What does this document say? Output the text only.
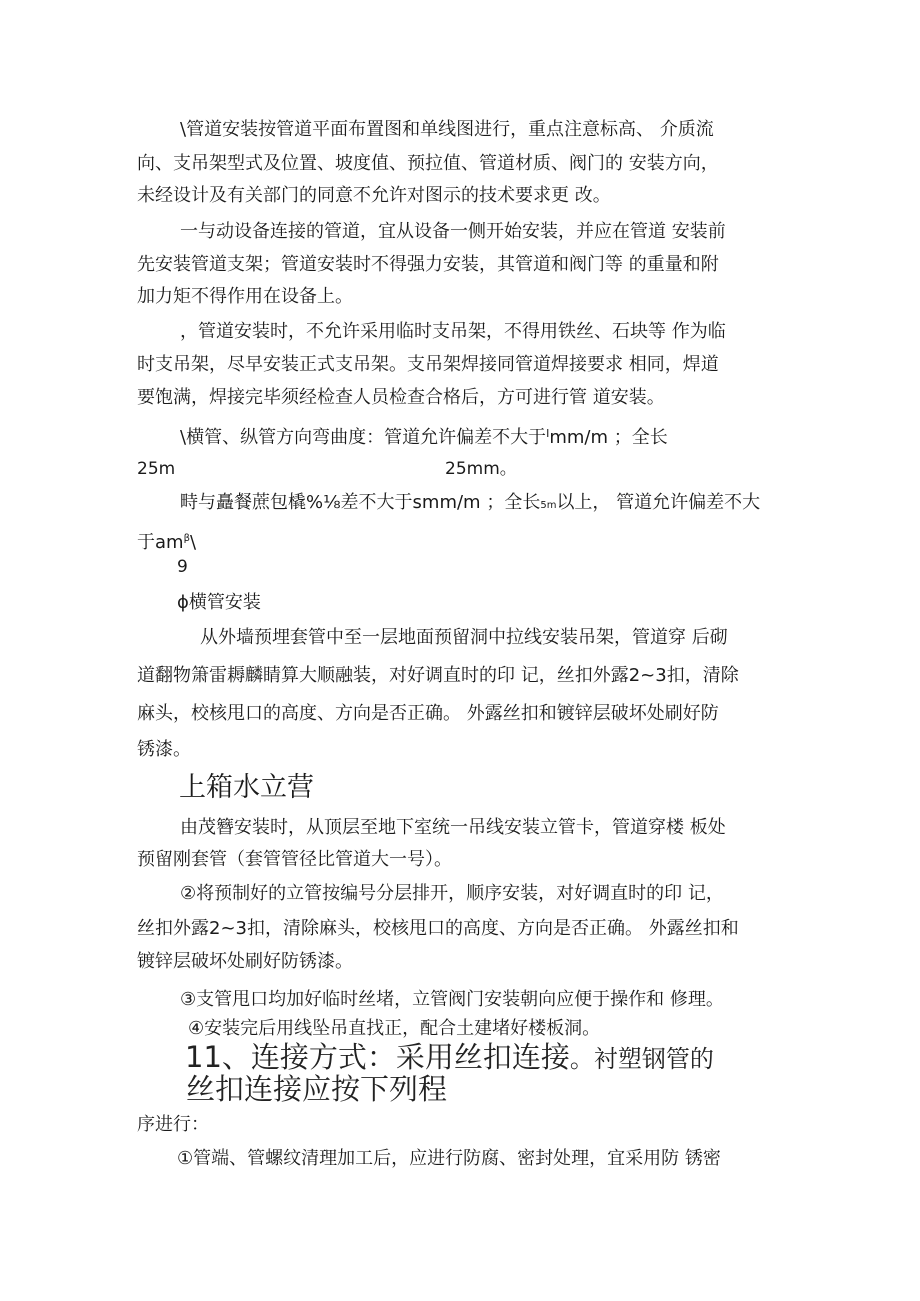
\管道安装按管道平面布置图和单线图进行，重点注意标高、 介质流
向、支吊架型式及位置、坡度值、预拉值、管道材质、阀门的 安装方向，
未经设计及有关部门的同意不允许对图示的技术要求更 改。
一与动设备连接的管道，宜从设备一侧开始安装，并应在管道 安装前
先安装管道支架；管道安装时不得强力安装，其管道和阀门等 的重量和附
加力矩不得作用在设备上。
，管道安装时，不允许采用临时支吊架，不得用铁丝、石块等 作为临
时支吊架，尽早安装正式支吊架。支吊架焊接同管道焊接要求 相同，焊道
要饱满，焊接完毕须经检查人员检查合格后，方可进行管 道安装。
\横管、纵管方向弯曲度：管道允许偏差不大于$^I$mm/m ；全长
25m	25mm。
畤与矗餐蔗包橇%⅛差不大于smm/m ；全长5m以上， 管道允许偏差不大
于$am^\beta\backslash$
9
ϕ横管安装
从外墙预埋套管中至一层地面预留洞中拉线安装吊架，管道穿 后砌
道翻物箫雷耨麟睛算大顺融装，对好调直时的印 记，丝扣外露2~3扣，清除
麻头，校核甩口的高度、方向是否正确。 外露丝扣和镀锌层破坏处刷好防
锈漆。
上箱水立营
由茂簪安装时，从顶层至地下室统一吊线安装立管卡，管道穿楼 板处
预留刚套管（套管管径比管道大一号）。
②将预制好的立管按编号分层排开，顺序安装，对好调直时的印 记，
丝扣外露2~3扣，清除麻头，校核甩口的高度、方向是否正确。 外露丝扣和
镀锌层破坏处刷好防锈漆。
③支管甩口均加好临时丝堵，立管阀门安装朝向应便于操作和 修理。
④安装完后用线坠吊直找正，配合土建堵好楼板洞。
11、连接方式：采用丝扣连接。衬塑钢管的
丝扣连接应按下列程
序进行：
①管端、管螺纹清理加工后，应进行防腐、密封处理，宜采用防 锈密
